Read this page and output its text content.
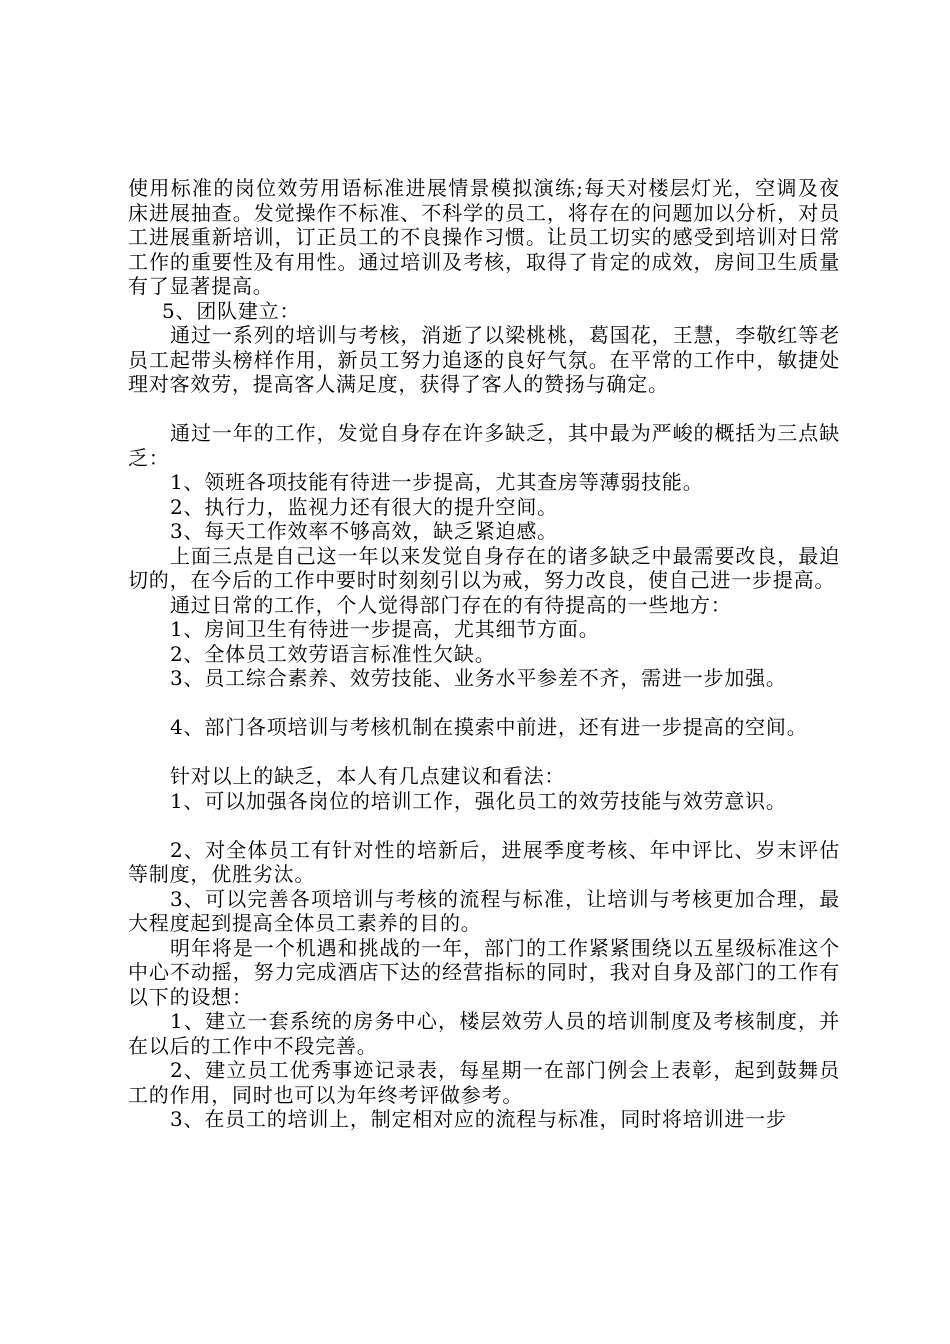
使用标准的岗位效劳用语标准进展情景模拟演练;每天对楼层灯光，空调及夜床进展抽查。发觉操作不标准、不科学的员工，将存在的问题加以分析，对员工进展重新培训，订正员工的不良操作习惯。让员工切实的感受到培训对日常工作的重要性及有用性。通过培训及考核，取得了肯定的成效，房间卫生质量有了显著提高。

5、团队建立：

通过一系列的培训与考核，消逝了以梁桃桃，葛国花，王慧，李敬红等老员工起带头榜样作用，新员工努力追逐的良好气氛。在平常的工作中，敏捷处理对客效劳，提高客人满足度，获得了客人的赞扬与确定。

通过一年的工作，发觉自身存在许多缺乏，其中最为严峻的概括为三点缺乏：

1、领班各项技能有待进一步提高，尤其查房等薄弱技能。

2、执行力，监视力还有很大的提升空间。

3、每天工作效率不够高效，缺乏紧迫感。

上面三点是自己这一年以来发觉自身存在的诸多缺乏中最需要改良，最迫切的，在今后的工作中要时时刻刻引以为戒，努力改良，使自己进一步提高。

通过日常的工作，个人觉得部门存在的有待提高的一些地方：

1、房间卫生有待进一步提高，尤其细节方面。

2、全体员工效劳语言标准性欠缺。

3、员工综合素养、效劳技能、业务水平参差不齐，需进一步加强。

4、部门各项培训与考核机制在摸索中前进，还有进一步提高的空间。

针对以上的缺乏，本人有几点建议和看法：

1、可以加强各岗位的培训工作，强化员工的效劳技能与效劳意识。

2、对全体员工有针对性的培新后，进展季度考核、年中评比、岁末评估等制度，优胜劣汰。

3、可以完善各项培训与考核的流程与标准，让培训与考核更加合理，最大程度起到提高全体员工素养的目的。

明年将是一个机遇和挑战的一年，部门的工作紧紧围绕以五星级标准这个中心不动摇，努力完成酒店下达的经营指标的同时，我对自身及部门的工作有以下的设想：

1、建立一套系统的房务中心，楼层效劳人员的培训制度及考核制度，并在以后的工作中不段完善。

2、建立员工优秀事迹记录表，每星期一在部门例会上表彰，起到鼓舞员工的作用，同时也可以为年终考评做参考。

3、在员工的培训上，制定相对应的流程与标准，同时将培训进一步
